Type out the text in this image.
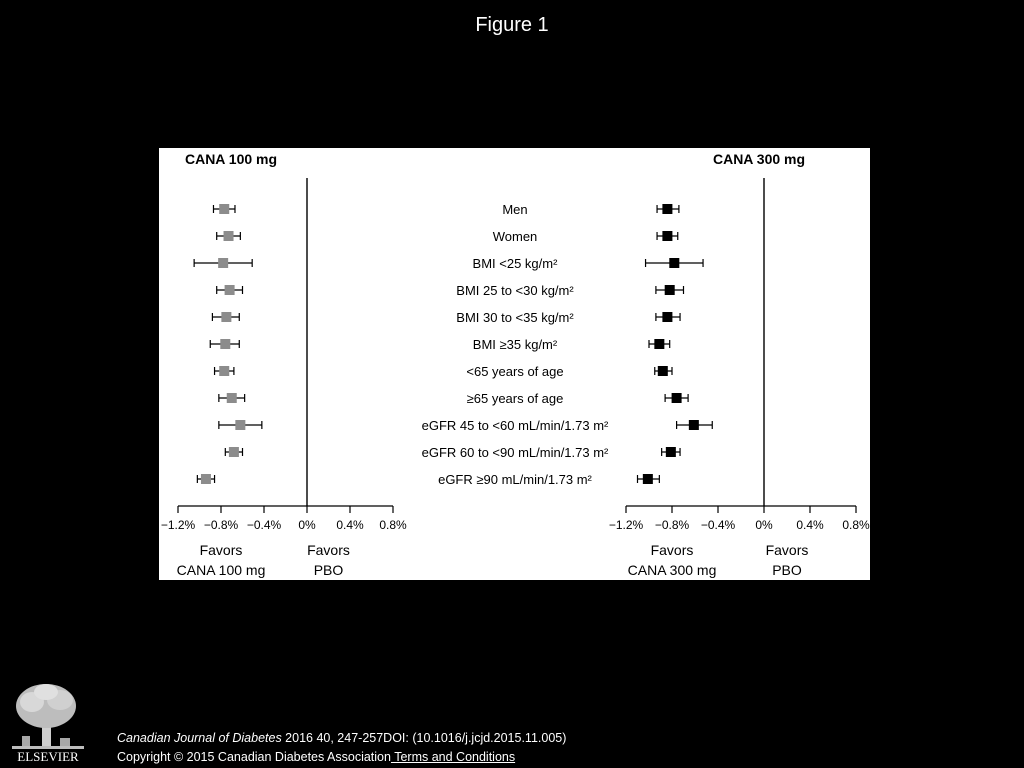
Figure 1
CANA 100 mg
−1.2% −0.8% −0.4% 0% 0.4% 0.8%
Favors
CANA 100 mg
Favors
PBO
Men
Women
BMI <25 kg/m²
BMI 25 to <30 kg/m²
BMI 30 to <35 kg/m²
BMI ≥35 kg/m²
<65 years of age
≥65 years of age
eGFR 45 to <60 mL/min/1.73 m²
eGFR 60 to <90 mL/min/1.73 m²
eGFR ≥90 mL/min/1.73 m²
CANA 300 mg
−1.2% −0.8% −0.4% 0% 0.4% 0.8%
Favors
CANA 300 mg
Favors
PBO
ELSEVIER
Canadian Journal of Diabetes 2016 40, 247-257DOI: (10.1016/j.jcjd.2015.11.005)
Copyright © 2015 Canadian Diabetes Association Terms and Conditions
